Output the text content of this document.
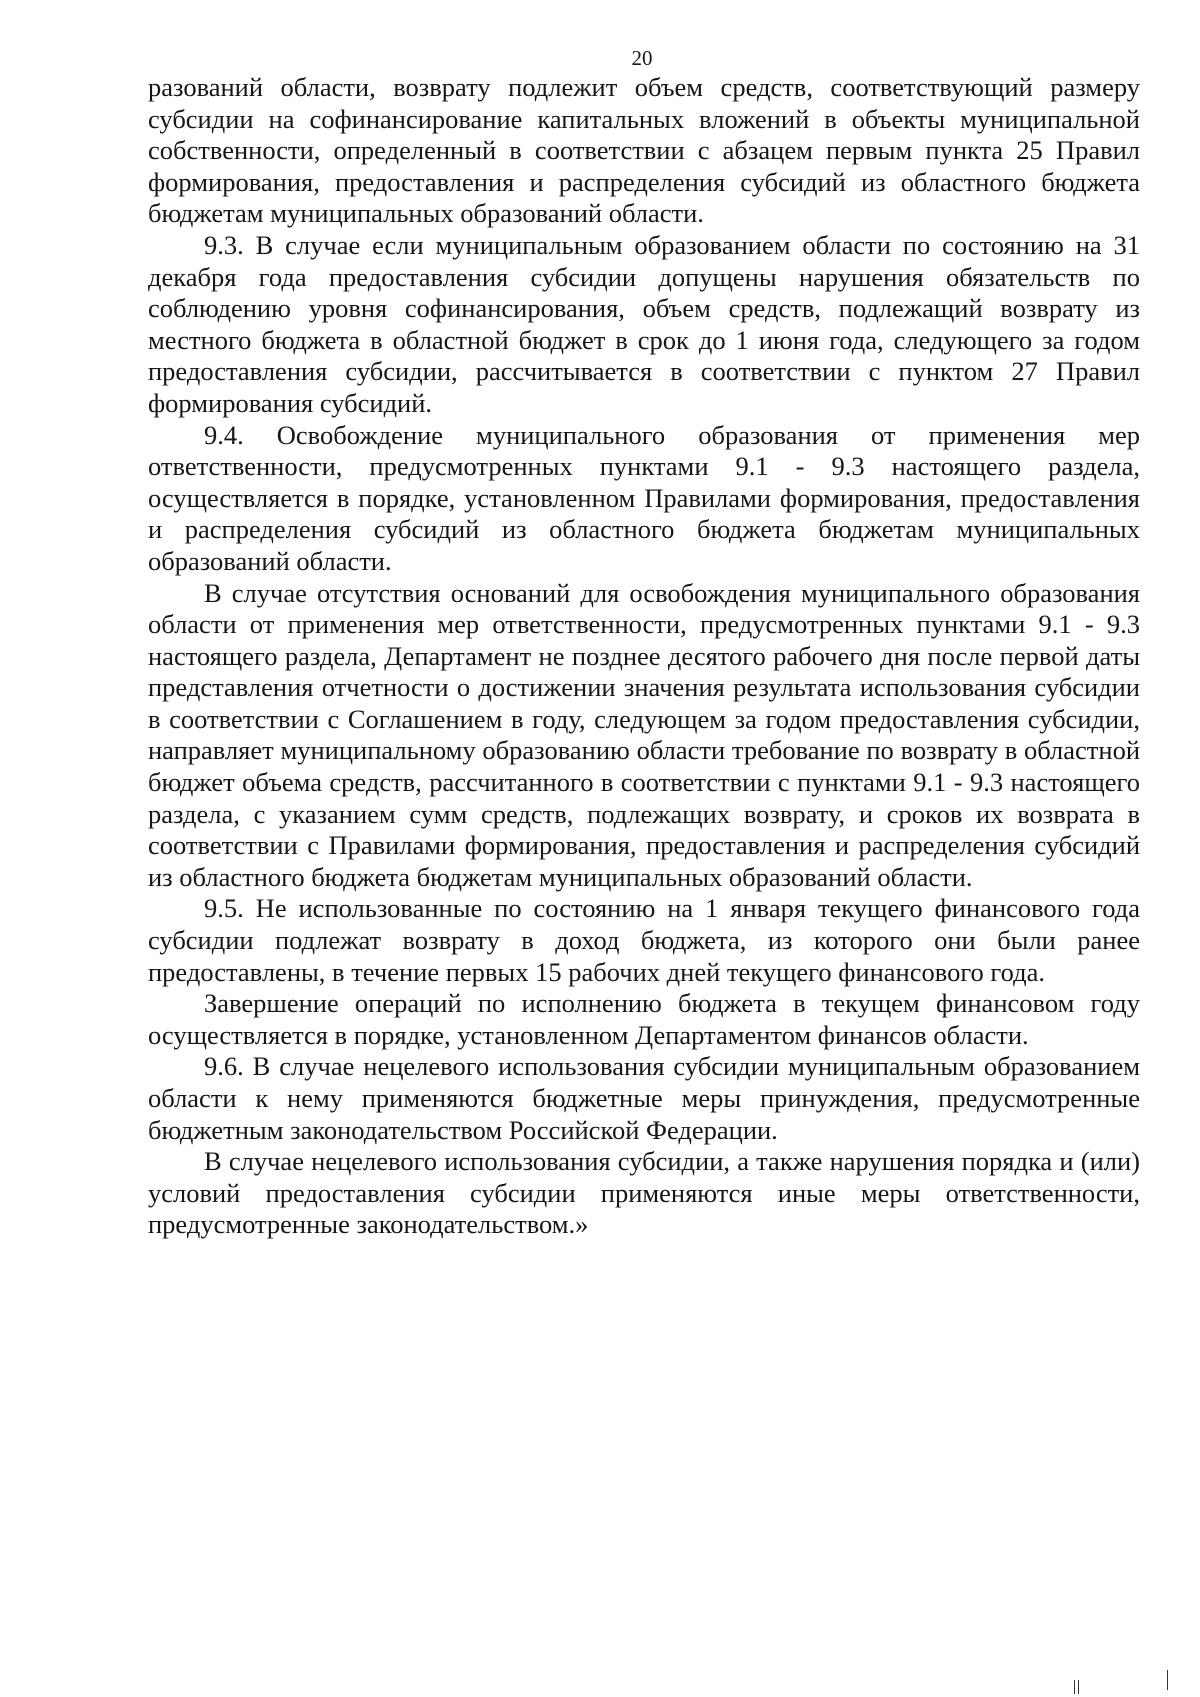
20

разований области, возврату подлежит объем средств, соответствующий размеру субсидии на софинансирование капитальных вложений в объекты муниципальной собственности, определенный в соответствии с абзацем первым пункта 25 Правил формирования, предоставления и распределения субсидий из областного бюджета бюджетам муниципальных образований области.

9.3. В случае если муниципальным образованием области по состоянию на 31 декабря года предоставления субсидии допущены нарушения обязательств по соблюдению уровня софинансирования, объем средств, подлежащий возврату из местного бюджета в областной бюджет в срок до 1 июня года, следующего за годом предоставления субсидии, рассчитывается в соответствии с пунктом 27 Правил формирования субсидий.

9.4. Освобождение муниципального образования от применения мер ответственности, предусмотренных пунктами 9.1 - 9.3 настоящего раздела, осуществляется в порядке, установленном Правилами формирования, предоставления и распределения субсидий из областного бюджета бюджетам муниципальных образований области.

В случае отсутствия оснований для освобождения муниципального образования области от применения мер ответственности, предусмотренных пунктами 9.1 - 9.3 настоящего раздела, Департамент не позднее десятого рабочего дня после первой даты представления отчетности о достижении значения результата использования субсидии в соответствии с Соглашением в году, следующем за годом предоставления субсидии, направляет муниципальному образованию области требование по возврату в областной бюджет объема средств, рассчитанного в соответствии с пунктами 9.1 - 9.3 настоящего раздела, с указанием сумм средств, подлежащих возврату, и сроков их возврата в соответствии с Правилами формирования, предоставления и распределения субсидий из областного бюджета бюджетам муниципальных образований области.

9.5. Не использованные по состоянию на 1 января текущего финансового года субсидии подлежат возврату в доход бюджета, из которого они были ранее предоставлены, в течение первых 15 рабочих дней текущего финансового года.

Завершение операций по исполнению бюджета в текущем финансовом году осуществляется в порядке, установленном Департаментом финансов области.

9.6. В случае нецелевого использования субсидии муниципальным образованием области к нему применяются бюджетные меры принуждения, предусмотренные бюджетным законодательством Российской Федерации.

В случае нецелевого использования субсидии, а также нарушения порядка и (или) условий предоставления субсидии применяются иные меры ответственности, предусмотренные законодательством.»
